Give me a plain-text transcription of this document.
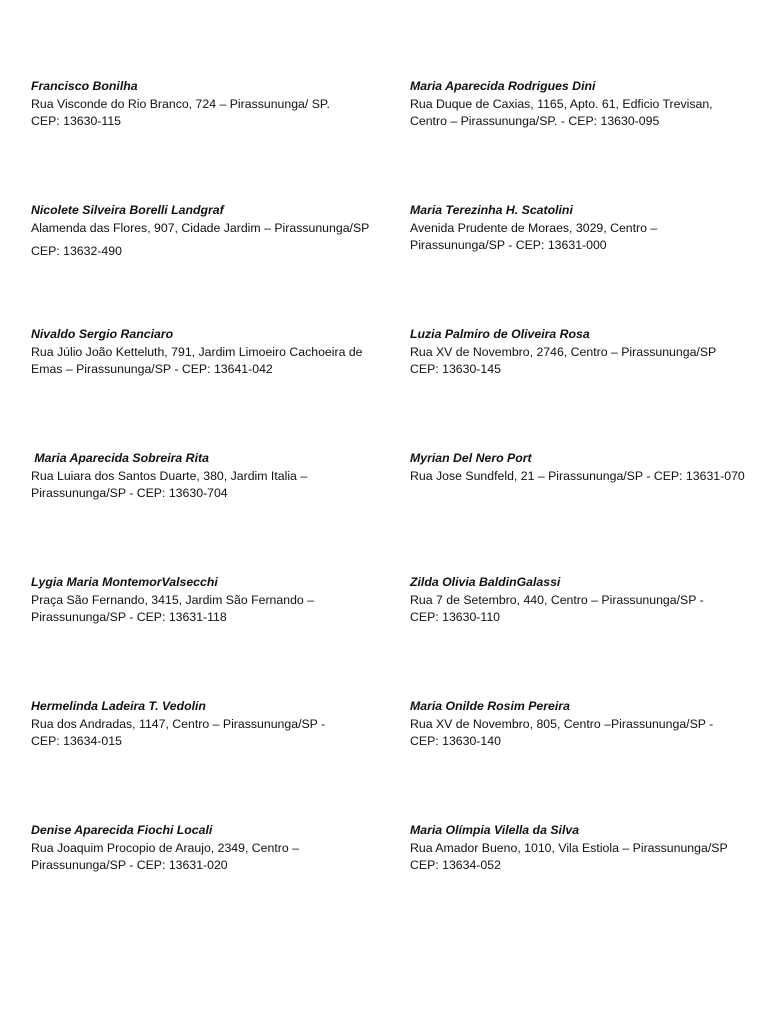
Francisco Bonilha
Rua Visconde do Rio Branco, 724 – Pirassununga/ SP.
CEP: 13630-115
Maria Aparecida Rodrigues Dini
Rua Duque de Caxias, 1165, Apto. 61, Edficio Trevisan,
Centro – Pirassununga/SP. - CEP: 13630-095
Nicolete Silveira Borelli Landgraf
Alamenda das Flores, 907, Cidade Jardim – Pirassununga/SP
CEP: 13632-490
Maria Terezinha H. Scatolini
Avenida Prudente de Moraes, 3029, Centro –
Pirassununga/SP - CEP: 13631-000
Nivaldo Sergio Ranciaro
Rua Júlio João Ketteluth, 791, Jardim Limoeiro Cachoeira de
Emas – Pirassununga/SP - CEP: 13641-042
Luzia Palmiro de Oliveira Rosa
Rua XV de Novembro, 2746, Centro – Pirassununga/SP
CEP: 13630-145
Maria Aparecida Sobreira Rita
Rua Luiara dos Santos Duarte, 380, Jardim Italia –
Pirassununga/SP - CEP: 13630-704
Myrian Del Nero Port
Rua Jose Sundfeld, 21 – Pirassununga/SP - CEP: 13631-070
Lygia Maria MontemorValsecchi
Praça São Fernando, 3415, Jardim São Fernando –
Pirassununga/SP - CEP: 13631-118
Zilda Olivia BaldinGalassi
Rua 7 de Setembro, 440, Centro – Pirassununga/SP -
CEP: 13630-110
Hermelinda Ladeira T. Vedolin
Rua dos Andradas, 1147, Centro – Pirassununga/SP -
CEP: 13634-015
Maria Onilde Rosim Pereira
Rua XV de Novembro, 805, Centro –Pirassununga/SP -
CEP: 13630-140
Denise Aparecida Fiochi Locali
Rua Joaquim Procopio de Araujo, 2349, Centro –
Pirassununga/SP - CEP: 13631-020
Maria Olímpia Vilella da Silva
Rua Amador Bueno, 1010, Vila Estiola – Pirassununga/SP
CEP: 13634-052
